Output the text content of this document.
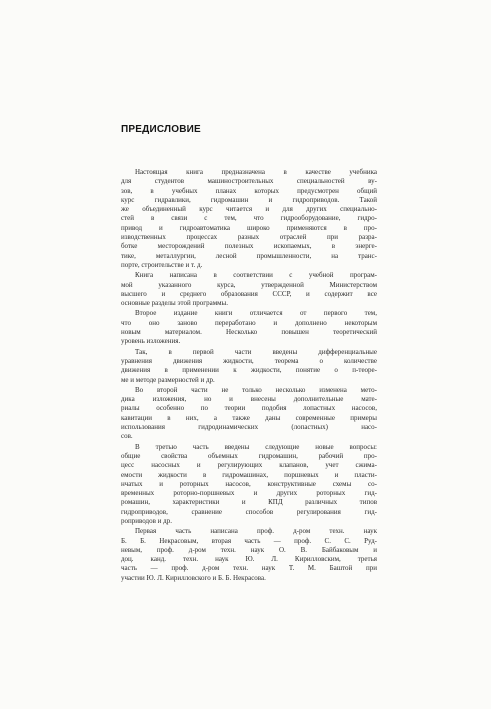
ПРЕДИСЛОВИЕ
Настоящая книга предназначена в качестве учебника
для студентов машиностроительных специальностей ву-
зов, в учебных планах которых предусмотрен общий
курс гидравлики, гидромашин и гидроприводов. Такой
же объединенный курс читается и для других специально-
стей в связи с тем, что гидрооборудование, гидро-
привод и гидроавтоматика широко применяются в про-
изводственных процессах разных отраслей при разра-
ботке месторождений полезных ископаемых, в энерге-
тике, металлургии, лесной промышленности, на транс-
порте, строительстве и т. д.
Книга написана в соответствии с учебной програм-
мой указанного курса, утвержденной Министерством
высшего и среднего образования СССР, и содержит все
основные разделы этой программы.
Второе издание книги отличается от первого тем,
что оно заново переработано и дополнено некоторым
новым материалом. Несколько повышен теоретический
уровень изложения.
Так, в первой части введены дифференциальные
уравнения движения жидкости, теорема о количестве
движения в применении к жидкости, понятие о п-теоре-
ме и методе размерностей и др.
Во второй части не только несколько изменена мето-
дика изложения, но и внесены дополнительные мате-
риалы особенно по теории подобия лопастных насосов,
кавитации в них, а также даны современные примеры
использования гидродинамических (лопастных) насо-
сов.
В третью часть введены следующие новые вопросы:
общие свойства объемных гидромашин, рабочий про-
цесс насосных и регулирующих клапанов, учет сжима-
емости жидкости в гидромашинах, поршневых и пласти-
нчатых и роторных насосов, конструктивные схемы со-
временных роторно-поршневых и других роторных гид-
ромашин, характеристики и КПД различных типов
гидроприводов, сравнение способов регулирования гид-
роприводов и др.
Первая часть написана проф. д-ром техн. наук
Б. Б. Некрасовым, вторая часть — проф. С. С. Руд-
невым, проф. д-ром техн. наук О. В. Байбаковым и
доц. канд. техн. наук Ю. Л. Кирилловским, третья
часть — проф. д-ром техн. наук Т. М. Баштой при
участии Ю. Л. Кирилловского и Б. Б. Некрасова.
